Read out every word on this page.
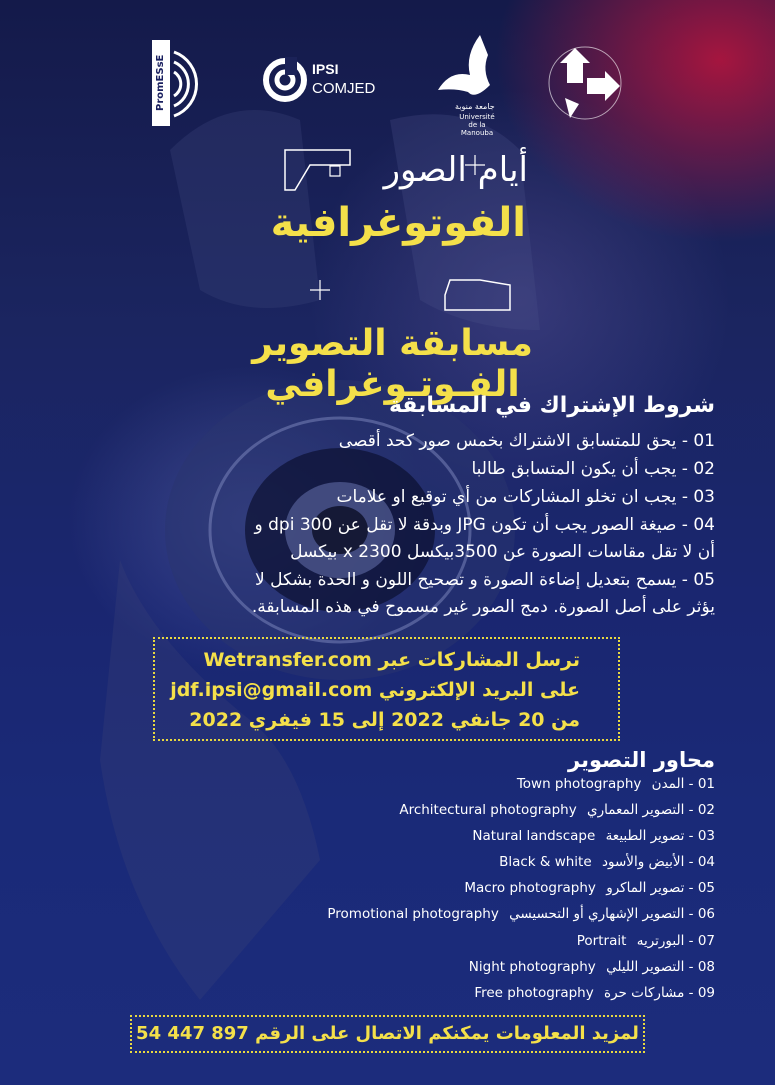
PromESsE	IPSI
COMJED
جامعة منوبة
Université de la Manouba
أيام الصور
الفوتوغرافية
مسابقة التصوير الفـوتـوغرافي
شروط الإشتراك في المسابقة
01 - يحق للمتسابق الاشتراك بخمس صور كحد أقصى
02 - يجب أن يكون المتسابق طالبا
03 - يجب ان تخلو المشاركات من أي توقيع او علامات
04 - صيغة الصور يجب أن تكون JPG وبدقة لا تقل عن 300 dpi و أن لا تقل مقاسات الصورة عن 3500بيكسل x 2300 بيكسل
05 - يسمح بتعديل إضاءة الصورة و تصحيح اللون و الحدة بشكل لا يؤثر على أصل الصورة. دمج الصور غير مسموح في هذه المسابقة.
ترسل المشاركات عبر Wetransfer.com
على البريد الإلكتروني jdf.ipsi@gmail.com
من 20 جانفي 2022 إلى 15 فيفري 2022
محاور التصوير
01 - المدن Town photography
02 - التصوير المعماري Architectural photography
03 - تصوير الطبيعة Natural landscape
04 - الأبيض والأسود Black & white
05 - تصوير الماكرو Macro photography
06 - التصوير الإشهاري أو التحسيسي Promotional photography
07 - البورتريه Portrait
08 - التصوير الليلي Night photography
09 - مشاركات حرة Free photography
لمزيد المعلومات يمكنكم الاتصال على الرقم 897 447 54
